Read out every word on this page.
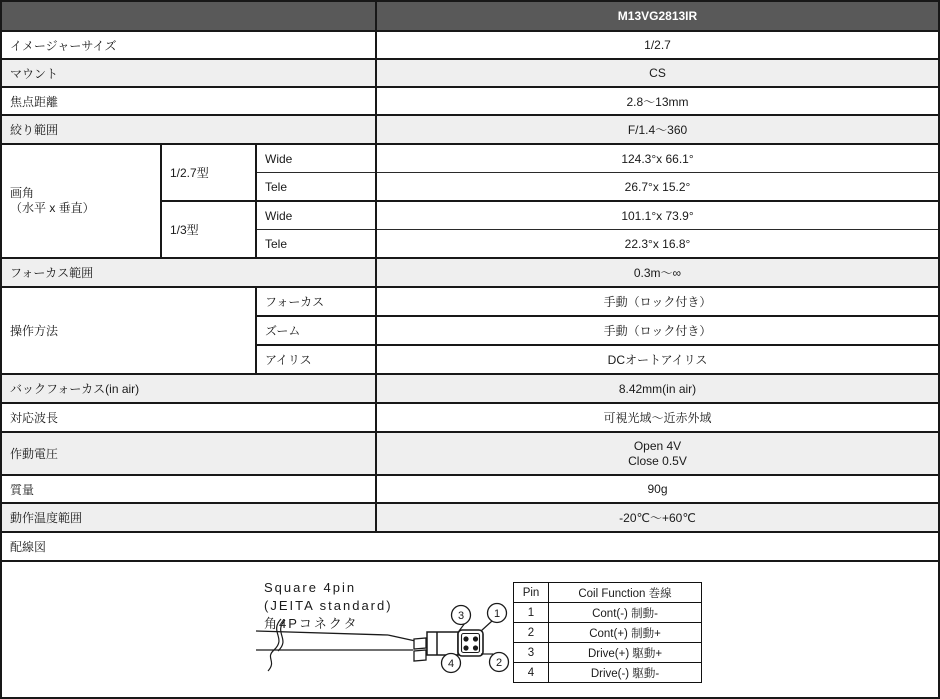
	M13VG2813IR
イメージャーサイズ	1/2.7
マウント	CS
焦点距離	2.8～13mm
絞り範囲	F/1.4～360

画角
（水平 x 垂直）
	1/2.7型	Wide	124.3°x 66.1°
Tele	26.7°x 15.2°
1/3型	Wide	101.1°x 73.9°
Tele	22.3°x 16.8°
フォーカス範囲	0.3m～∞
操作方法	フォーカス	手動（ロック付き）
ズーム	手動（ロック付き）
アイリス	DCオートアイリス
バックフォーカス(in air)	8.42mm(in air)
対応波長	可視光域～近赤外域
作動電圧	Open 4V
Close 0.5V
質量	90g
動作温度範囲	-20℃～+60℃
配線図

Square 4pin
(JEITA standard)
角4Pコネクタ	3	1
4	2
Pin	Coil Function 巻線
1	Cont(-) 制動-
2	Cont(+) 制動+
3	Drive(+) 駆動+
4	Drive(-) 駆動-
